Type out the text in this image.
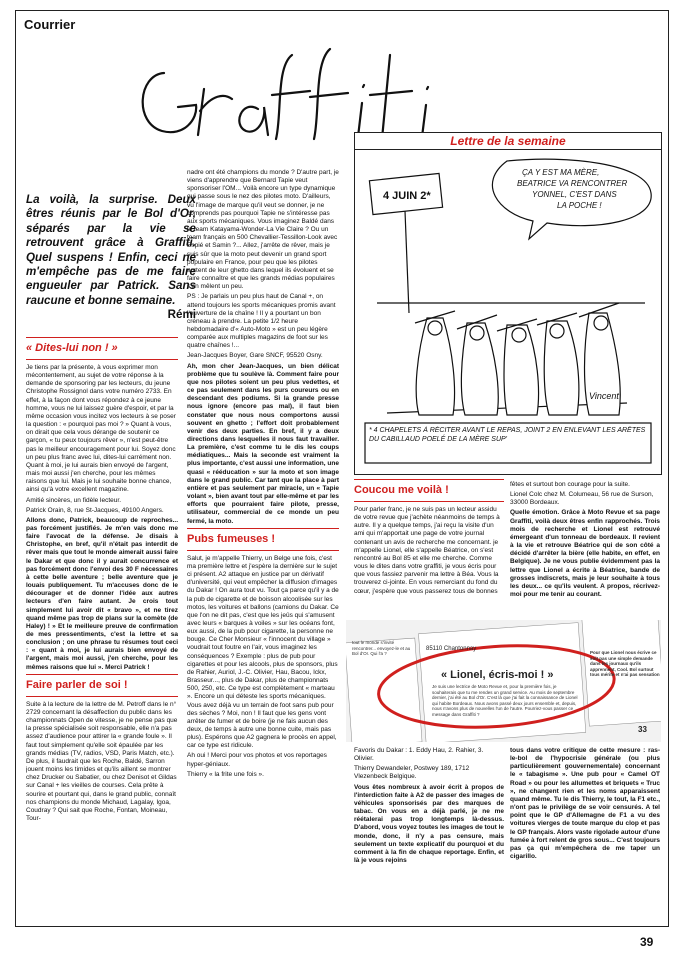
Courrier
La voilà, la surprise. Deux êtres réunis par le Bol d'Or, séparés par la vie se retrouvent grâce à Graffiti. Quel suspens ! Enfin, ceci ne m'empêche pas de me faire engueuler par Patrick. Sans raucune et bonne semaine.
Rémi
« Dites-lui non ! »

Je tiens par la présente, à vous exprimer mon mécontentement, au sujet de votre réponse à la demande de sponsoring par les lecteurs, du jeune Christophe Rossignol dans votre numéro 2733. En effet, à la façon dont vous répondez à ce jeune homme, vous ne lui laissez guère d'espoir, et par la même occasion vous incitez vos lecteurs à se poser la question : « pourquoi pas moi ? » Quant à vous, on dirait que cela vous dérange de soutenir ce garçon, « tu peux toujours rêver », n'est peut-être pas le meilleur encouragement pour lui. Soyez donc un peu plus franc avec lui, dites-lui carrément non. Quant à moi, je lui aurais bien envoyé de l'argent, mais moi aussi j'en cherche, pour les mêmes raisons que lui. Mais je lui souhaite bonne chance, ainsi qu'à votre excellent magazine.

Amitié sincères, un fidèle lecteur.

Patrick Orain, 8, rue St-Jacques, 49100 Angers.

Allons donc, Patrick, beaucoup de reproches... pas forcément justifiés. Je m'en vais donc me faire l'avocat de la défense. Je disais à Christophe, en bref, qu'il n'était pas interdit de rêver mais que tout le monde aimerait aussi faire le Dakar et que donc il y aurait concurrence et pas forcément donc l'envoi des 30 F nécessaires à cette belle aventure ; belle aventure que je louais publiquement. Tu m'accuses donc de le décourager et de donner l'idée aux autres lecteurs d'en faire autant. Je crois tout simplement lui avoir dit « bravo », et ne tirez quand même pas trop de plans sur la comète (de Haley) ! » Et le meilleure preuve de confirmation de mes pressentiments, c'est la lettre et sa conclusion ; on une phrase tu résumes tout ceci : « quant à moi, je lui aurais bien envoyé de l'argent, mais moi aussi, j'en cherche, pour les mêmes raisons que lui ». Merci Patrick !

Faire parler de soi !

Suite à la lecture de la lettre de M. Petroff dans le n° 2729 concernant la désaffection du public dans les championnats Open de vitesse, je ne pense pas que la presse spécialisée soit responsable, elle n'a pas assez d'audience pour attirer la « grande foule ». Il faut tout simplement qu'elle soit épaulée par les grands médias (TV, radios, VSD, Paris Match, etc.). De plus, il faudrait que les Roche, Baldé, Sarron jouent moins les timides et qu'ils aillent se montrer chez Drucker ou Sabatier, ou chez Denisot et Gildas sur Canal + les vieilles de courses. Cela prête à sourire et pourtant qui, dans le grand public, connaît nos champions du monde Michaud, Lagalay, Igoa, Coudray ? Qui sait que Roche, Fontan, Moineau, Tour-

nadre ont été champions du monde ? D'autre part, je viens d'apprendre que Bernard Tapie veut sponsoriser l'OM... Voilà encore un type dynamique qui passe sous le nez des pilotes moto. D'ailleurs, vu l'image de marque qu'il veut se donner, je ne comprends pas pourquoi Tapie ne s'intéresse pas aux sports mécaniques. Vous imaginez Baldé dans le team Katayama-Wonder-La Vie Claire ? Ou un team français en 500 Chevallier-Tessillon-Look avec Espié et Samin ?... Allez, j'arrête de rêver, mais je suis sûr que la moto peut devenir un grand sport populaire en France, pour peu que les pilotes sortent de leur ghetto dans lequel ils évoluent et se faire connaître et que les grands médias populaires s'en mêlent un peu.

PS : Je parlais un peu plus haut de Canal +, on attend toujours les sports mécaniques promis avant l'ouverture de la chaîne ! Il y a pourtant un bon créneau à prendre. La petite 1/2 heure hebdomadaire d'« Auto-Moto » est un peu légère comparée aux multiples magazins de foot sur les quatre chaînes !...

Jean-Jacques Boyer, Gare SNCF, 95520 Osny.

Ah, mon cher Jean-Jacques, un bien délicat problème que tu soulève là. Comment faire pour que nos pilotes soient un peu plus vedettes, et ce pas seulement dans les purs coureurs ou en descendant des podiums. Si la grande presse nous ignore (encore pas mal), il faut bien constater que nous nous comportons aussi souvent en ghetto ; l'effort doit probablement venir des deux parties. En bref, il y a deux directions dans lesquelles il nous faut travailler. La première, c'est comme tu le dis les coups médiatiques... Mais la seconde est vraiment la plus importante, c'est aussi une information, une quasi « rééducation » sur la moto et son image dans le grand public. Car tant que la place à part entière et pas seulement par miracle, un « Tapie volant », bien avant tout par elle-même et par les efforts que pourraient faire pilote, presse, utilisateur, commercial de ce monde un peu fermé, la moto.

Pubs fumeuses !

Salut, je m'appelle Thierry, un Belge une fois, c'est ma première lettre et j'espère la dernière sur le sujet ci présent. A2 attaque en justice par un dérivatif d'université, qui veut empêcher la diffusion d'images du Dakar ! On aura tout vu. Tout ça parce qu'il y a de la pub de cigarette et de boisson alcoolisée sur les motos, les voitures et ballons (camions du Dakar. Ce que l'on ne dit pas, c'est que les jeûs qui s'amusent avec leurs « barques à voiles » sur les océans font, eux aussi, de la pub pour cigarette, la personne ne bouge. Ce Cher Monsieur « l'innocent du village » voudrait tout foutre en l'air, vous imaginez les conséquences ? Exemple : plus de pub pour cigarettes et pour les alcools, plus de sponsors, plus de Rahier, Auriol, J.-C. Olivier, Hau, Bacou, Ickx, Brasseur..., plus de Dakar, plus de championnats 500, 250, etc. Ce type est complètement « marteau ». Encore un qui déteste les sports mécaniques. Vous avez déjà vu un terrain de foot sans pub pour des sèches ? Moi, non ! Il faut que les gens vont arrêter de fumer et de boire (je ne fais aucun des deux, de temps à autre une bonne cuite, mais pas plus). Espérons que A2 gagnera le procès en appel, car ce type est ridicule.

Ah oui ! Merci pour vos photos et vos reportages hyper-géniaux.

Thierry « la frite une fois ».

Lettre de la semaine
ÇA Y EST MA MÈRE,
BEATRICE VA RENCONTRER
YONNEL, C'EST DANS
LA POCHE !
4 JUIN 2*
Vincent
* 4 CHAPELETS À RÉCITER AVANT LE REPAS, JOINT 2 EN ENLEVANT LES ARÊTES DU CABILLAUD POELÉ DE LA MÈRE SUP'
Coucou me voilà !

Pour parler franc, je ne suis pas un lecteur assidu de votre revue que j'achète néanmoins de temps à autre. Il y a quelque temps, j'ai reçu la visite d'un ami qui m'apportait une page de votre journal contenant un avis de recherche me concernant. je m'appelle Lionel, elle s'appelle Béatrice, on s'est rencontré au Bol 85 et elle me cherche. Comme vous le dites dans votre graffiti, je vous écris pour que vous fassiez parvenir ma lettre à Béa. Vous la trouverez ci-jointe. En vous remerciant du fond du cœur, j'espère que vous passerez tous de bonnes

fêtes et surtout bon courage pour la suite.

Lionel Colc chez M. Columeau, 56 rue de Surson, 33000 Bordeaux.

Quelle émotion. Grâce à Moto Revue et sa page Graffiti, voilà deux êtres enfin rapprochés. Trois mois de recherche et Lionel est retrouvé émergeant d'un tonneau de bordeaux. Il revient à la vie et retrouve Béatrice qui de son côté a décidé d'arrêter la bière (elle habite, en effet, en Belgique). Je ne vous publie évidemment pas la lettre que Lionel a écrite à Béatrice, bande de grosses indiscrets, mais je leur souhaite à tous les deux... ce qu'ils veulent. A propos, récrivez-moi pour me tenir au courant.

85110 Chantonnay
« Lionel, écris-moi ! »
33
tout le monde s'invité rencontrer... envoyez-le et au Bol d'Or. Qui l'a ?
Je suis une lectrice de Moto Revue et, pour la première fois, je souhaiterais que tu me rendes un grand service. Au mois de septembre dernier, j'ai été au Bol d'Or. C'est là que j'ai fait la connaissance de Lionel qui habite Bordeaux. Nous avons passé deux jours ensemble et, depuis, nous n'avons plus de nouvelles l'un de l'autre. Pourriez-vous passer ce message dans Graffiti ?
Pour que Lionel nous écrive ce soit pas une simple demande dans les journaux qu'ils apprennent, Cool. Bol surtout tous mérite et n'ai pas sensation

Favoris du Dakar : 1. Eddy Hau, 2. Rahier, 3. Olivier.

Thierry Dewandeler, Postwey 189, 1712 Vlezenbeck Belgique.

Vous êtes nombreux à avoir écrit à propos de l'interdiction faite à A2 de passer des images de véhicules sponsorisés par des marques de tabac. On vous en a déjà parlé, je ne me réétalerai pas trop longtemps là-dessus. D'abord, vous voyez toutes les images de tout le monde, donc, il n'y a pas censure, mais seulement un texte explicatif du pourquoi et du comment à la fin de chaque reportage. Enfin, et là je vous rejoins

tous dans votre critique de cette mesure : ras-le-bol de l'hypocrisie générale (ou plus particulièrement gouvernementale) concernant le « tabagisme ». Une pub pour « Camel OT Road » ou pour les allumettes et briquets « Truc », ne changent rien et les noms apparaissent quand même. Tu le dis Thierry, le tout, la F1 etc., n'ont pas le privilège de se voir censurés. A tel point que le GP d'Allemagne de F1 a vu des voitures vierges de toute marque du clop et pas le GP français. Alors vaste rigolade autour d'une fumée à fort relent de gros sous... C'est toujours pas ça qui m'empêchera de me taper un cigarillo.

39
